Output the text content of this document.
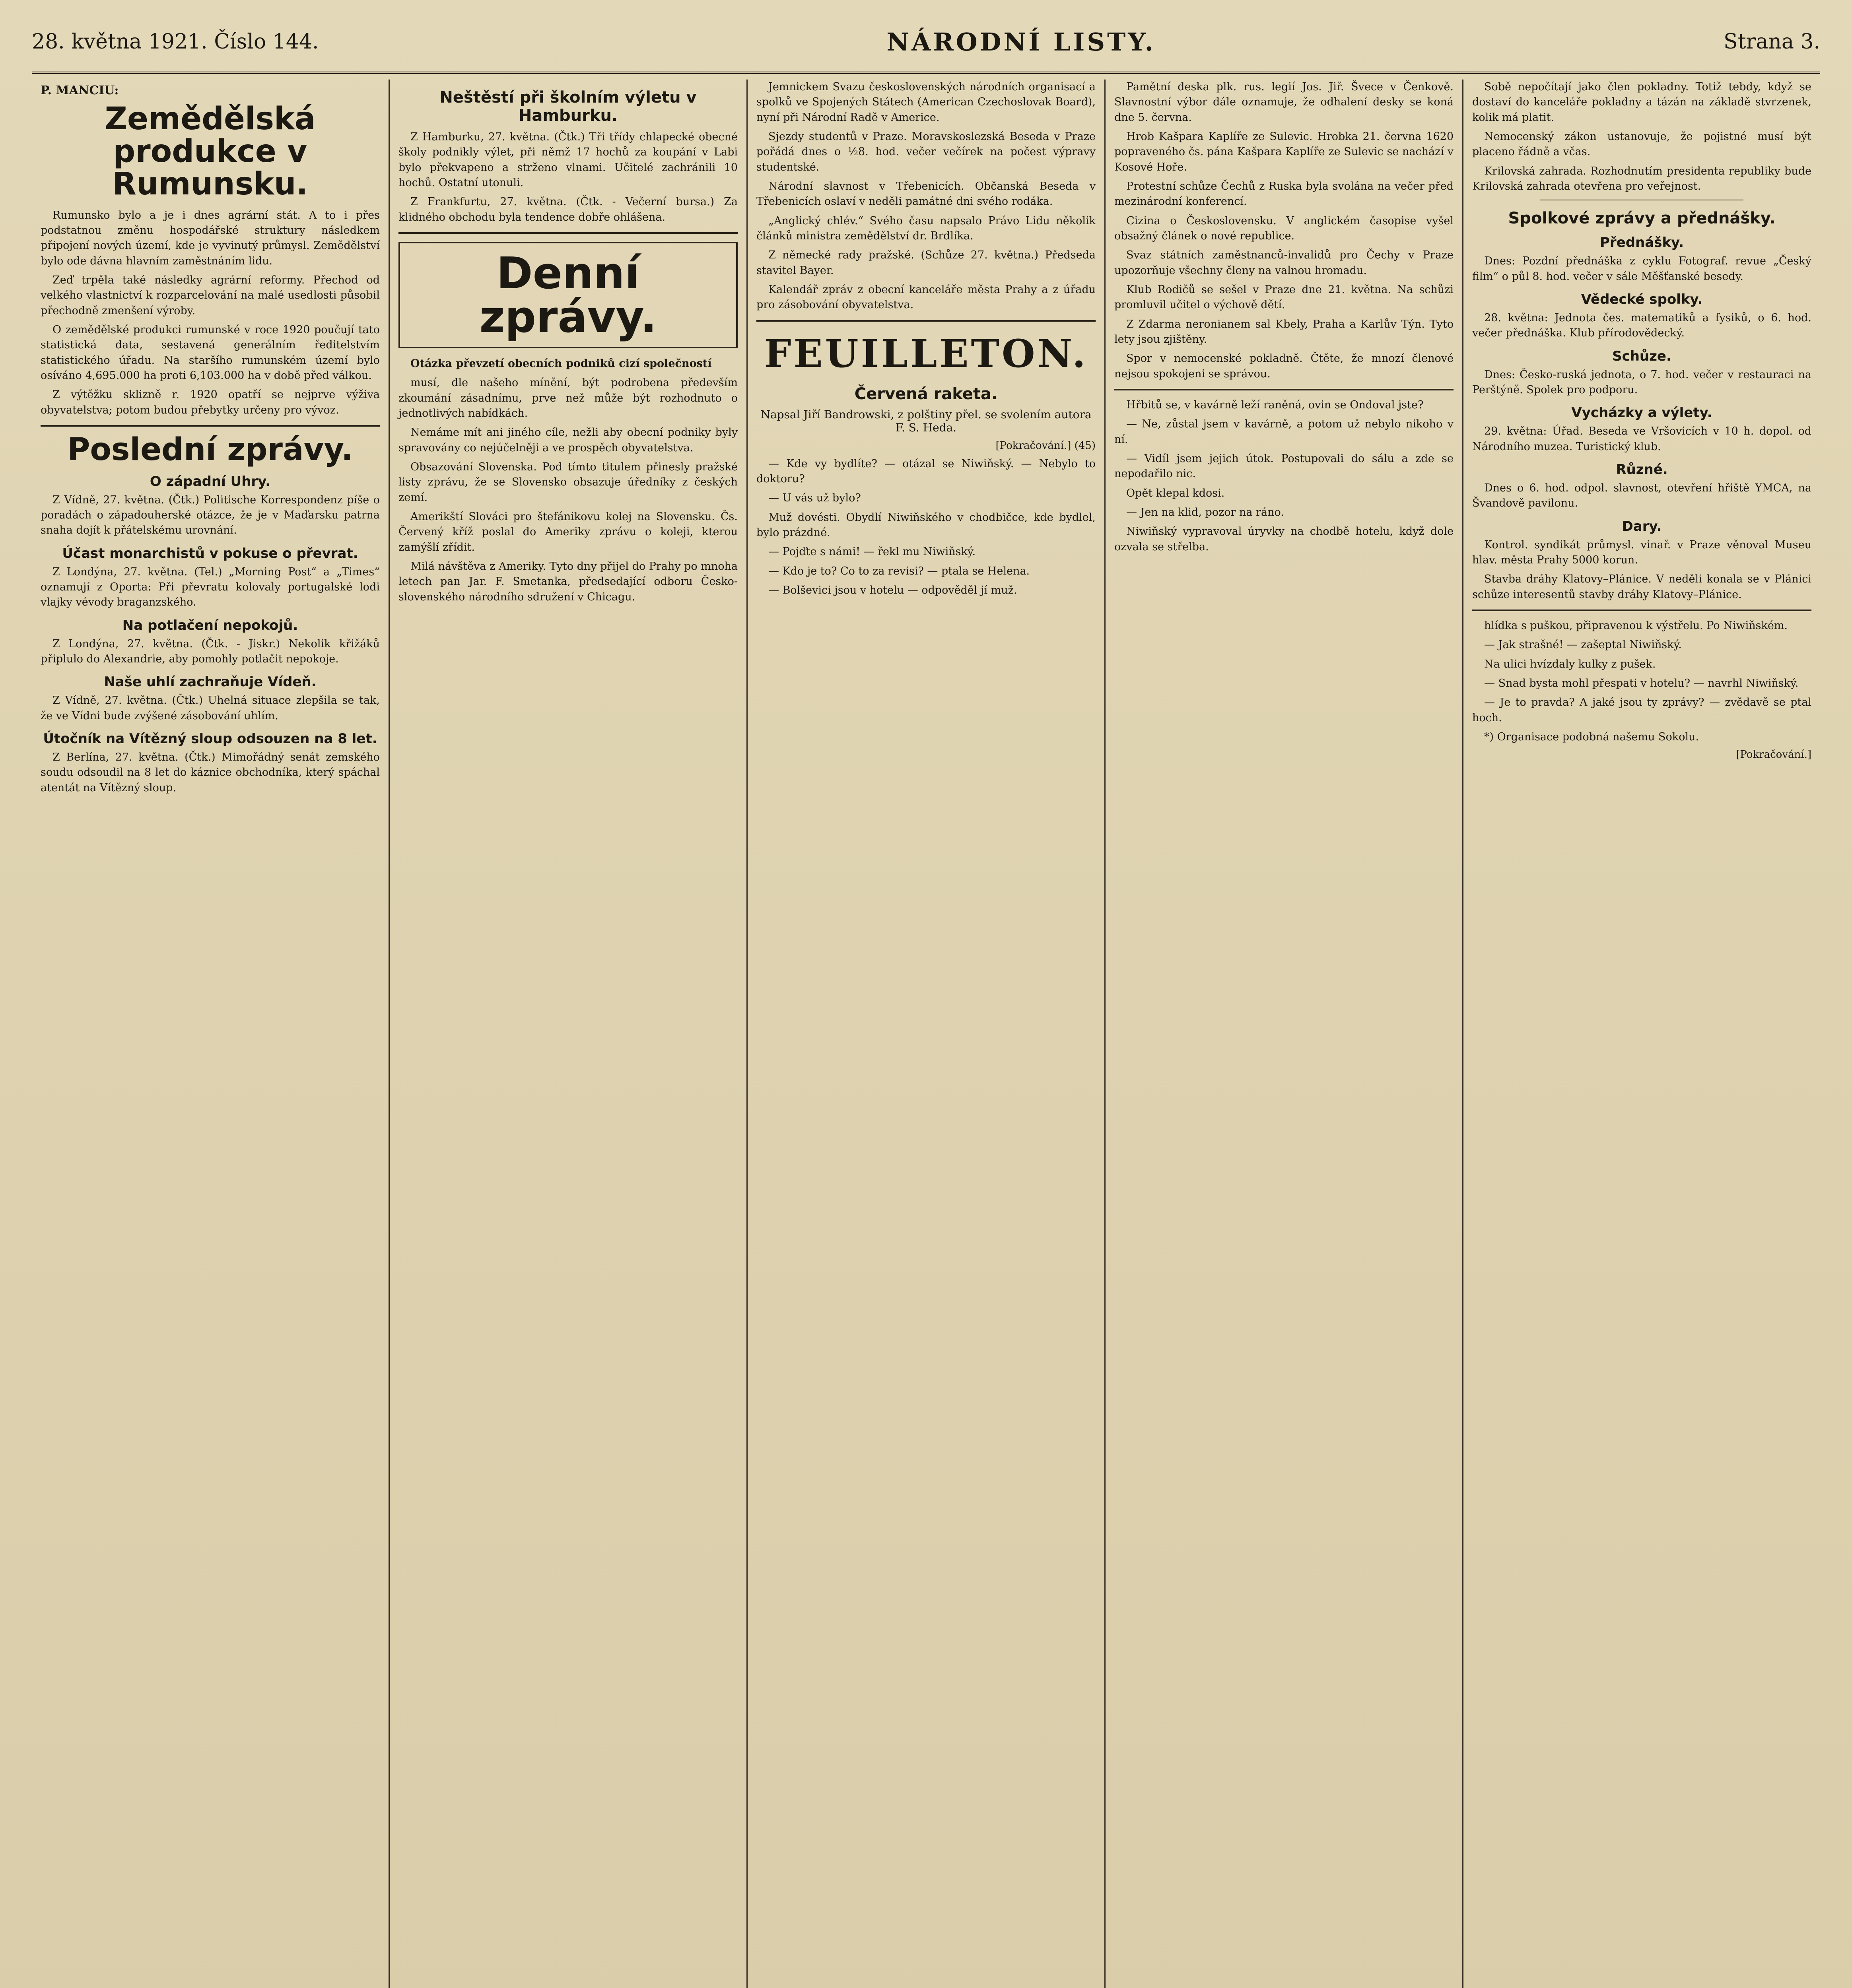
28. května 1921. Číslo 144.	NÁRODNÍ LISTY.	Strana 3.
P. MANCIU:
Zemědělská produkce v Rumunsku.

Rumunsko bylo a je i dnes agrární stát. A to i přes podstatnou změnu hospodářské struktury následkem připojení nových území, kde je vyvinutý průmysl. Zemědělství bylo ode dávna hlavním zaměstnáním lidu.

Zeď trpěla také následky agrární reformy. Přechod od velkého vlastnictví k rozparcelování na malé usedlosti působil přechodně zmenšení výroby.

O zemědělské produkci rumunské v roce 1920 poučují tato statistická data, sestavená generálním ředitelstvím statistického úřadu. Na staršího rumunském území bylo osíváno 4,695.000 ha proti 6,103.000 ha v době před válkou.

Z výtěžku sklizně r. 1920 opatří se nejprve výživa obyvatelstva; potom budou přebytky určeny pro vývoz.

Poslední zprávy.
O západní Uhry.

Z Vídně, 27. května. (Čtk.) Politische Korrespondenz píše o poradách o západouherské otázce, že je v Maďarsku patrna snaha dojít k přátelskému urovnání.

Účast monarchistů v pokuse o převrat.

Z Londýna, 27. května. (Tel.) „Morning Post“ a „Times“ oznamují z Oporta: Při převratu kolovaly portugalské lodi vlajky vévody braganzského.

Na potlačení nepokojů.

Z Londýna, 27. května. (Čtk. - Jiskr.) Nekolik křižáků připlulo do Alexandrie, aby pomohly potlačit nepokoje.

Naše uhlí zachraňuje Vídeň.

Z Vídně, 27. května. (Čtk.) Uhelná situace zlepšila se tak, že ve Vídni bude zvýšené zásobování uhlím.

Útočník na Vítězný sloup odsouzen na 8 let.

Z Berlína, 27. května. (Čtk.) Mimořádný senát zemského soudu odsoudil na 8 let do káznice obchodníka, který spáchal atentát na Vítězný sloup.

Neštěstí při školním výletu v Hamburku.

Z Hamburku, 27. května. (Čtk.) Tři třídy chlapecké obecné školy podnikly výlet, při němž 17 hochů za koupání v Labi bylo překvapeno a strženo vlnami. Učitelé zachránili 10 hochů. Ostatní utonuli.

Z Frankfurtu, 27. května. (Čtk. - Večerní bursa.) Za klidného obchodu byla tendence dobře ohlášena.

Denní zprávy.

Otázka převzetí obecních podniků cizí společností

musí, dle našeho mínění, být podrobena především zkoumání zásadnímu, prve než může být rozhodnuto o jednotlivých nabídkách.

Nemáme mít ani jiného cíle, nežli aby obecní podniky byly spravovány co nejúčelněji a ve prospěch obyvatelstva.

Obsazování Slovenska. Pod tímto titulem přinesly pražské listy zprávu, že se Slovensko obsazuje úředníky z českých zemí.

Amerikští Slováci pro štefánikovu kolej na Slovensku. Čs. Červený kříž poslal do Ameriky zprávu o koleji, kterou zamýšlí zřídit.

Milá návštěva z Ameriky. Tyto dny přijel do Prahy po mnoha letech pan Jar. F. Smetanka, předsedající odboru Česko-slovenského národního sdružení v Chicagu.

Jemnickem Svazu československých národních organisací a spolků ve Spojených Státech (American Czechoslovak Board), nyní při Národní Radě v Americe.

Sjezdy studentů v Praze. Moravskoslezská Beseda v Praze pořádá dnes o ½8. hod. večer večírek na počest výpravy studentské.

Národní slavnost v Třebenicích. Občanská Beseda v Třebenicích oslaví v neděli památné dni svého rodáka.

„Anglický chlév.“ Svého času napsalo Právo Lidu několik článků ministra zemědělství dr. Brdlíka.

Z německé rady pražské. (Schůze 27. května.) Předseda stavitel Bayer.

Kalendář zpráv z obecní kanceláře města Prahy a z úřadu pro zásobování obyvatelstva.

FEUILLETON.
Červená raketa.
Napsal Jiří Bandrowski, z polštiny přel. se svolením autora F. S. Heda.
[Pokračování.] (45)

— Kde vy bydlíte? — otázal se Niwiňský. — Nebylo to doktoru?

— U vás už bylo?

Muž dovésti. Obydlí Niwiňského v chodbičce, kde bydlel, bylo prázdné.

— Pojďte s námi! — řekl mu Niwiňský.

— Kdo je to? Co to za revisi? — ptala se Helena.

— Bolševici jsou v hotelu — odpověděl jí muž.

Pamětní deska plk. rus. legií Jos. Jiř. Švece v Čenkově. Slavnostní výbor dále oznamuje, že odhalení desky se koná dne 5. června.

Hrob Kašpara Kaplíře ze Sulevic. Hrobka 21. června 1620 popraveného čs. pána Kašpara Kaplíře ze Sulevic se nachází v Kosové Hoře.

Protestní schůze Čechů z Ruska byla svolána na večer před mezinárodní konferencí.

Cizina o Československu. V anglickém časopise vyšel obsažný článek o nové republice.

Svaz státních zaměstnanců-invalidů pro Čechy v Praze upozorňuje všechny členy na valnou hromadu.

Klub Rodičů se sešel v Praze dne 21. května. Na schůzi promluvil učitel o výchově dětí.

Z Zdarma neronianem sal Kbely, Praha a Karlův Týn. Tyto lety jsou zjištěny.

Spor v nemocenské pokladně. Čtěte, že mnozí členové nejsou spokojeni se správou.

Hřbitů se, v kavárně leží raněná, ovin se Ondoval jste?

— Ne, zůstal jsem v kavárně, a potom už nebylo nikoho v ní.

— Vidíl jsem jejich útok. Postupovali do sálu a zde se nepodařilo nic.

Opět klepal kdosi.

— Jen na klid, pozor na ráno.

Niwiňský vypravoval úryvky na chodbě hotelu, když dole ozvala se střelba.

Sobě nepočítají jako člen pokladny. Totiž tebdy, když se dostaví do kanceláře pokladny a tázán na základě stvrzenek, kolik má platit.

Nemocenský zákon ustanovuje, že pojistné musí být placeno řádně a včas.

Krilovská zahrada. Rozhodnutím presidenta republiky bude Krilovská zahrada otevřena pro veřejnost.

Spolkové zprávy a přednášky.
Přednášky.

Dnes: Pozdní přednáška z cyklu Fotograf. revue „Český film“ o půl 8. hod. večer v sále Měšťanské besedy.

Vědecké spolky.

28. května: Jednota čes. matematiků a fysiků, o 6. hod. večer přednáška. Klub přírodovědecký.

Schůze.

Dnes: Česko-ruská jednota, o 7. hod. večer v restauraci na Perštýně. Spolek pro podporu.

Vycházky a výlety.

29. května: Úřad. Beseda ve Vršovicích v 10 h. dopol. od Národního muzea. Turistický klub.

Různé.

Dnes o 6. hod. odpol. slavnost, otevření hřiště YMCA, na Švandově pavilonu.

Dary.

Kontrol. syndikát průmysl. vinař. v Praze věnoval Museu hlav. města Prahy 5000 korun.

Stavba dráhy Klatovy–Plánice. V neděli konala se v Plánici schůze interesentů stavby dráhy Klatovy–Plánice.

hlídka s puškou, připravenou k výstřelu. Po Niwiňském.

— Jak strašné! — zašeptal Niwiňský.

Na ulici hvízdaly kulky z pušek.

— Snad bysta mohl přespati v hotelu? — navrhl Niwiňský.

— Je to pravda? A jaké jsou ty zprávy? — zvědavě se ptal hoch.

*) Organisace podobná našemu Sokolu.

[Pokračování.]
